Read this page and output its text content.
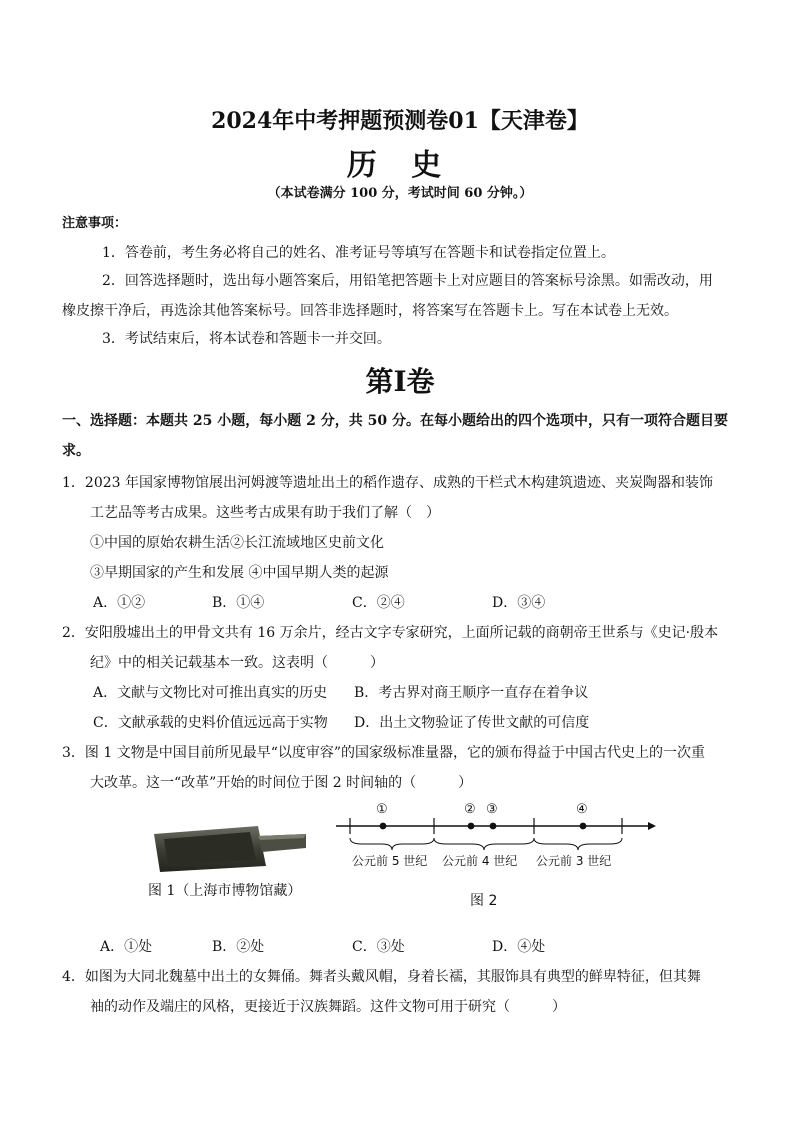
2024年中考押题预测卷01【天津卷】
历 史
（本试卷满分 100 分，考试时间 60 分钟。）
注意事项：
1．答卷前，考生务必将自己的姓名、准考证号等填写在答题卡和试卷指定位置上。
2．回答选择题时，选出每小题答案后，用铅笔把答题卡上对应题目的答案标号涂黑。如需改动，用
橡皮擦干净后，再选涂其他答案标号。回答非选择题时，将答案写在答题卡上。写在本试卷上无效。
3．考试结束后，将本试卷和答题卡一并交回。
第Ⅰ卷
一、选择题：本题共 25 小题，每小题 2 分，共 50 分。在每小题给出的四个选项中，只有一项符合题目要
求。
1．2023 年国家博物馆展出河姆渡等遗址出土的稻作遗存、成熟的干栏式木构建筑遗迹、夹炭陶器和装饰
工艺品等考古成果。这些考古成果有助于我们了解（　）
①中国的原始农耕生活②长江流域地区史前文化
③早期国家的产生和发展 ④中国早期人类的起源
A．①②	B．①④	C．②④	D．③④
2．安阳殷墟出土的甲骨文共有 16 万余片，经古文字专家研究，上面所记载的商朝帝王世系与《史记·殷本
纪》中的相关记载基本一致。这表明（　　　）
A．文献与文物比对可推出真实的历史 B．考古界对商王顺序一直存在着争议
C．文献承载的史料价值远远高于实物 D．出土文物验证了传世文献的可信度
3．图 1 文物是中国目前所见最早“以度审容”的国家级标准量器，它的颁布得益于中国古代史上的一次重
大改革。这一“改革”开始的时间位于图 2 时间轴的（　　　）
图 1（上海市博物馆藏）
①	② ③	④
公元前 5 世纪 公元前 4 世纪 公元前 3 世纪
图 2
A．①处	B．②处	C．③处	D．④处
4．如图为大同北魏墓中出土的女舞俑。舞者头戴风帽，身着长襦，其服饰具有典型的鲜卑特征，但其舞
袖的动作及端庄的风格，更接近于汉族舞蹈。这件文物可用于研究（　　　）
